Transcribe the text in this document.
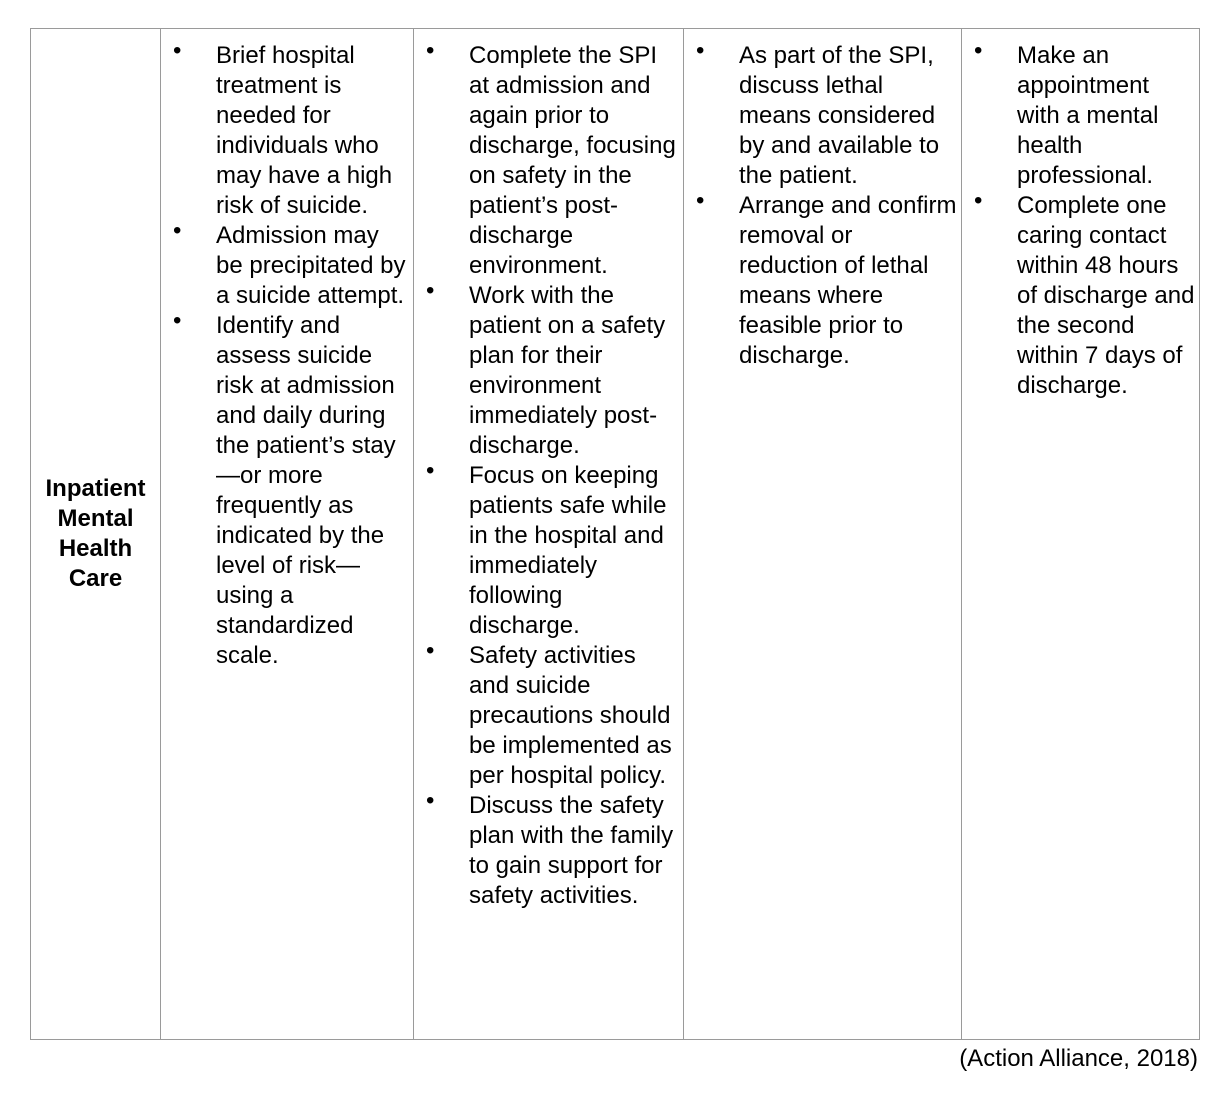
Inpatient Mental Health Care

• Brief hospital treatment is needed for individuals who may have a high risk of suicide.
• Admission may be precipitated by a suicide attempt.
• Identify and assess suicide risk at admission and daily during the patient’s stay —or more frequently as indicated by the level of risk— using a standardized scale.

• Complete the SPI at admission and again prior to discharge, focusing on safety in the patient’s post-discharge environment.
• Work with the patient on a safety plan for their environment immediately post-discharge.
• Focus on keeping patients safe while in the hospital and immediately following discharge.
• Safety activities and suicide precautions should be implemented as per hospital policy.
• Discuss the safety plan with the family to gain support for safety activities.

• As part of the SPI, discuss lethal means considered by and available to the patient.
• Arrange and confirm removal or reduction of lethal means where feasible prior to discharge.

• Make an appointment with a mental health professional.
• Complete one caring contact within 48 hours of discharge and the second within 7 days of discharge.
(Action Alliance, 2018)
